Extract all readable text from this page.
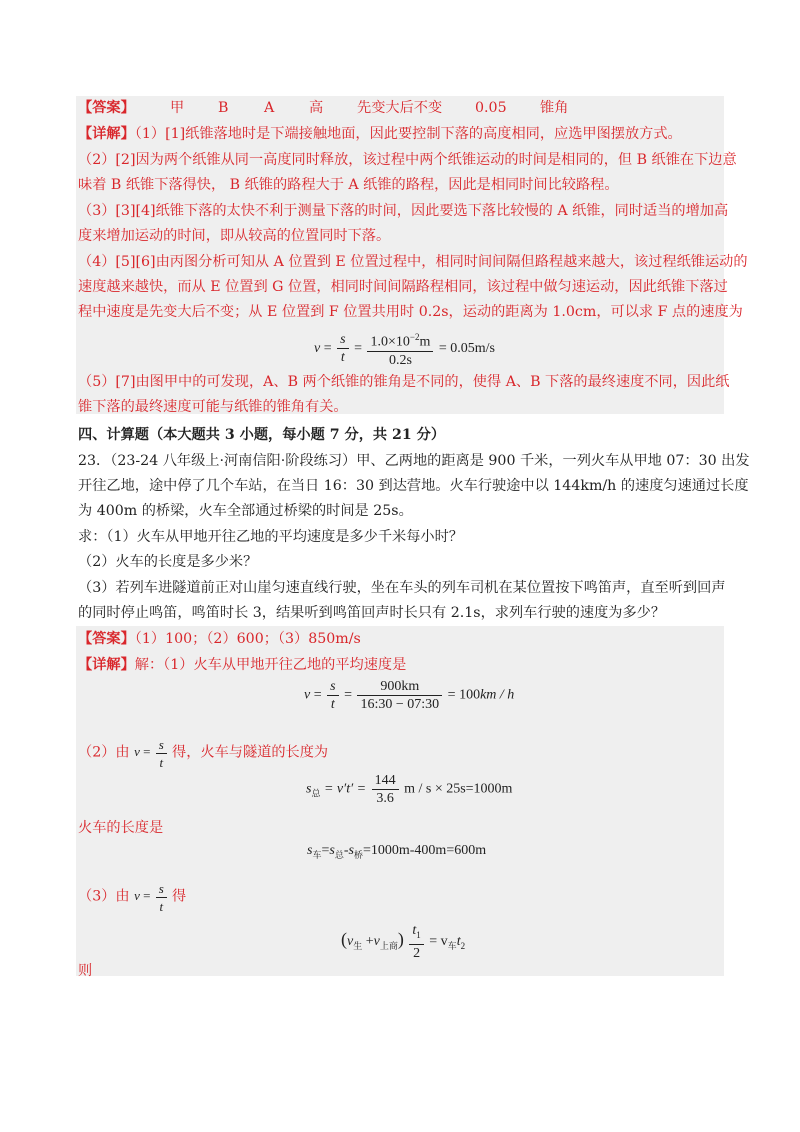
【答案】 甲 B	A 高 先变大后不变 0.05 锥角
【详解】（1）[1]纸锥落地时是下端接触地面，因此要控制下落的高度相同，应选甲图摆放方式。
（2）[2]因为两个纸锥从同一高度同时释放，该过程中两个纸锥运动的时间是相同的，但 B 纸锥在下边意
味着 B 纸锥下落得快， B 纸锥的路程大于 A 纸锥的路程，因此是相同时间比较路程。
（3）[3][4]纸锥下落的太快不利于测量下落的时间，因此要选下落比较慢的 A 纸锥，同时适当的增加高
度来增加运动的时间，即从较高的位置同时下落。
（4）[5][6]由丙图分析可知从 A 位置到 E 位置过程中，相同时间间隔但路程越来越大，该过程纸锥运动的
速度越来越快，而从 E 位置到 G 位置，相同时间间隔路程相同，该过程中做匀速运动，因此纸锥下落过
程中速度是先变大后不变；从 E 位置到 F 位置共用时 0.2s，运动的距离为 1.0cm，可以求 F 点的速度为
$v = \frac{s}{t} = \frac{1.0\times 10^{-2}m}{0.2s} = 0.05m/s$
（5）[7]由图甲中的可发现，A、B 两个纸锥的锥角是不同的，使得 A、B 下落的最终速度不同，因此纸
锥下落的最终速度可能与纸锥的锥角有关。
四、计算题（本大题共 3 小题，每小题 7 分，共 21 分）
23．（23-24 八年级上·河南信阳·阶段练习）甲、乙两地的距离是 900 千米，一列火车从甲地 07：30 出发
开往乙地，途中停了几个车站，在当日 16：30 到达营地。火车行驶途中以 144km/h 的速度匀速通过长度
为 400m 的桥梁，火车全部通过桥梁的时间是 25s。
求：（1）火车从甲地开往乙地的平均速度是多少千米每小时？
（2）火车的长度是多少米？
（3）若列车进隧道前正对山崖匀速直线行驶，坐在车头的列车司机在某位置按下鸣笛声，直至听到回声
的同时停止鸣笛，鸣笛时长 3，结果听到鸣笛回声时长只有 2.1s，求列车行驶的速度为多少？
【答案】（1）100；（2）600；（3）850m/s
【详解】解：（1）火车从甲地开往乙地的平均速度是
$v = \frac{s}{t} = \frac{900km}{16:30 - 07:30} = 100km / h$
（2）由 $v = \frac{s}{t}$ 得，火车与隧道的长度为
$s_总 = v't' = \frac{144}{3.6}$ m / s × 25s=1000m
火车的长度是
$s_车=s_总-s_桥=1000m-400m=600m$
（3）由 $v = \frac{s}{t}$ 得
$(v_生 +v_{上商}) \frac{t_1}{2} = v_车t_2$
则
